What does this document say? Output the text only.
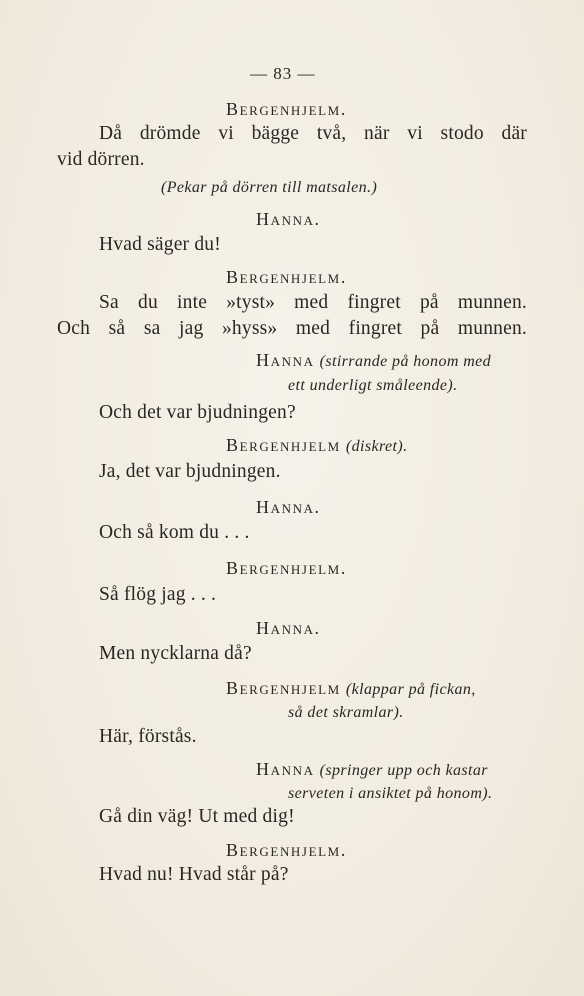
— 83 —
Bergenhjelm.
Då drömde vi bägge två, när vi stodo där
vid dörren.
(Pekar på dörren till matsalen.)
Hanna.
Hvad säger du!
Bergenhjelm.
Sa du inte »tyst» med fingret på munnen.
Och så sa jag »hyss» med fingret på munnen.
Hanna (stirrande på honom med
ett underligt småleende).
Och det var bjudningen?
Bergenhjelm (diskret).
Ja, det var bjudningen.
Hanna.
Och så kom du . . .
Bergenhjelm.
Så flög jag . . .
Hanna.
Men nycklarna då?
Bergenhjelm (klappar på fickan,
så det skramlar).
Här, förstås.
Hanna (springer upp och kastar
serveten i ansiktet på honom).
Gå din väg! Ut med dig!
Bergenhjelm.
Hvad nu! Hvad står på?
